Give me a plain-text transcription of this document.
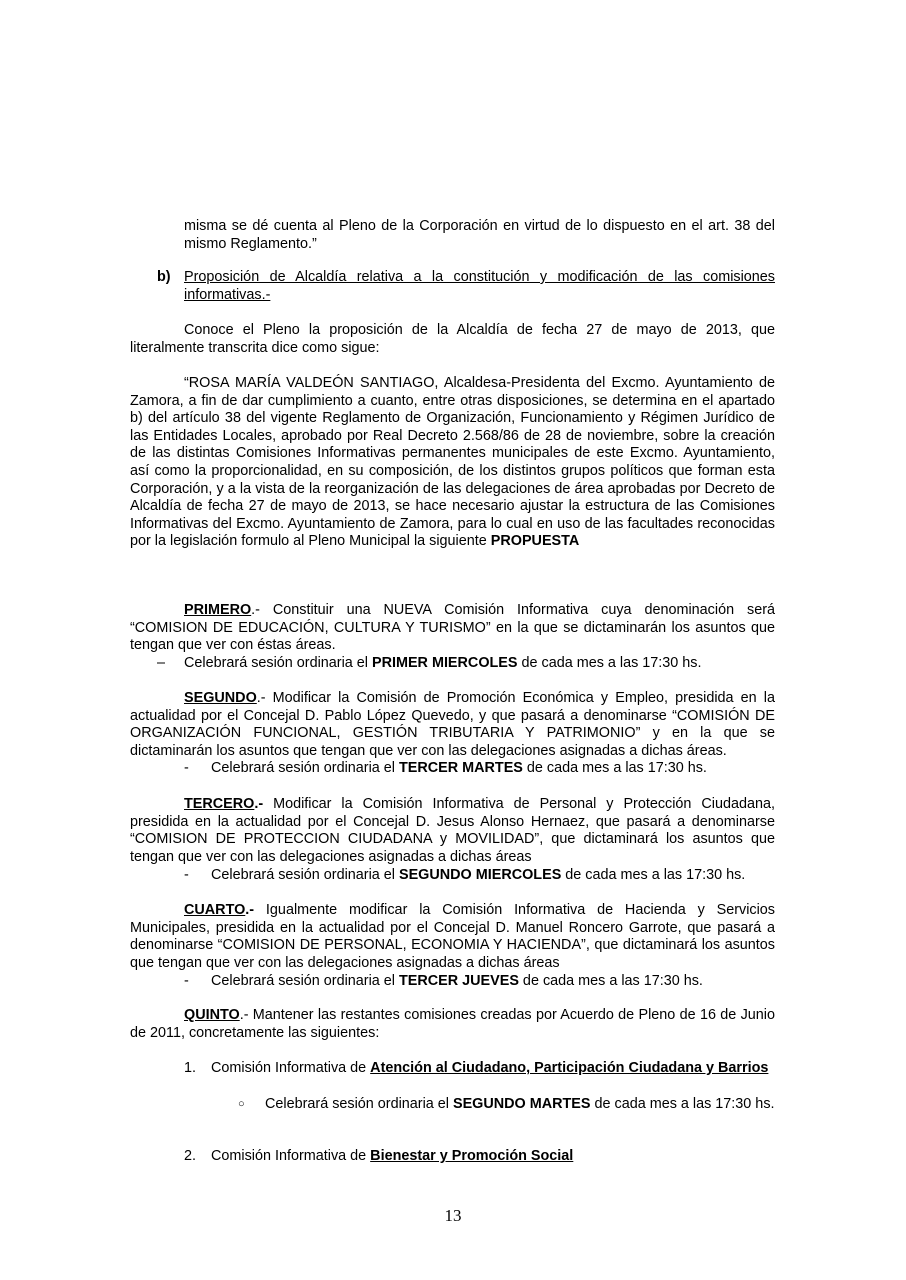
misma se dé cuenta al Pleno de la Corporación en virtud de lo dispuesto en el art. 38 del mismo Reglamento.”

b) Proposición de Alcaldía relativa a la constitución y modificación de las comisiones informativas.-

Conoce el Pleno la proposición de la Alcaldía de fecha 27 de mayo de 2013, que literalmente transcrita dice como sigue:

“ROSA MARÍA VALDEÓN SANTIAGO, Alcaldesa-Presidenta del Excmo. Ayuntamiento de Zamora, a fin de dar cumplimiento a cuanto, entre otras disposiciones, se determina en el apartado b) del artículo 38 del vigente Reglamento de Organización, Funcionamiento y Régimen Jurídico de las Entidades Locales, aprobado por Real Decreto 2.568/86 de 28 de noviembre, sobre la creación de las distintas Comisiones Informativas permanentes municipales de este Excmo. Ayuntamiento, así como la proporcionalidad, en su composición, de los distintos grupos políticos que forman esta Corporación, y a la vista de la reorganización de las delegaciones de área aprobadas por Decreto de Alcaldía de fecha 27 de mayo de 2013, se hace necesario ajustar la estructura de las Comisiones Informativas del Excmo. Ayuntamiento de Zamora, para lo cual en uso de las facultades reconocidas por la legislación formulo al Pleno Municipal la siguiente PROPUESTA

PRIMERO.- Constituir una NUEVA Comisión Informativa cuya denominación será “COMISION DE EDUCACIÓN, CULTURA Y TURISMO” en la que se dictaminarán los asuntos que tengan que ver con éstas áreas.

– Celebrará sesión ordinaria el PRIMER MIERCOLES de cada mes a las 17:30 hs.

SEGUNDO.- Modificar la Comisión de Promoción Económica y Empleo, presidida en la actualidad por el Concejal D. Pablo López Quevedo, y que pasará a denominarse “COMISIÓN DE ORGANIZACIÓN FUNCIONAL, GESTIÓN TRIBUTARIA Y PATRIMONIO” y en la que se dictaminarán los asuntos que tengan que ver con las delegaciones asignadas a dichas áreas.

- Celebrará sesión ordinaria el TERCER MARTES de cada mes a las 17:30 hs.

TERCERO.- Modificar la Comisión Informativa de Personal y Protección Ciudadana, presidida en la actualidad por el Concejal D. Jesus Alonso Hernaez, que pasará a denominarse “COMISION DE PROTECCION CIUDADANA y MOVILIDAD”, que dictaminará los asuntos que tengan que ver con las delegaciones asignadas a dichas áreas

- Celebrará sesión ordinaria el SEGUNDO MIERCOLES de cada mes a las 17:30 hs.

CUARTO.- Igualmente modificar la Comisión Informativa de Hacienda y Servicios Municipales, presidida en la actualidad por el Concejal D. Manuel Roncero Garrote, que pasará a denominarse “COMISION DE PERSONAL, ECONOMIA Y HACIENDA”, que dictaminará los asuntos que tengan que ver con las delegaciones asignadas a dichas áreas

- Celebrará sesión ordinaria el TERCER JUEVES de cada mes a las 17:30 hs.

QUINTO.- Mantener las restantes comisiones creadas por Acuerdo de Pleno de 16 de Junio de 2011, concretamente las siguientes:

1. Comisión Informativa de Atención al Ciudadano, Participación Ciudadana y Barrios

○ Celebrará sesión ordinaria el SEGUNDO MARTES de cada mes a las 17:30 hs.

2. Comisión Informativa de Bienestar y Promoción Social
13
